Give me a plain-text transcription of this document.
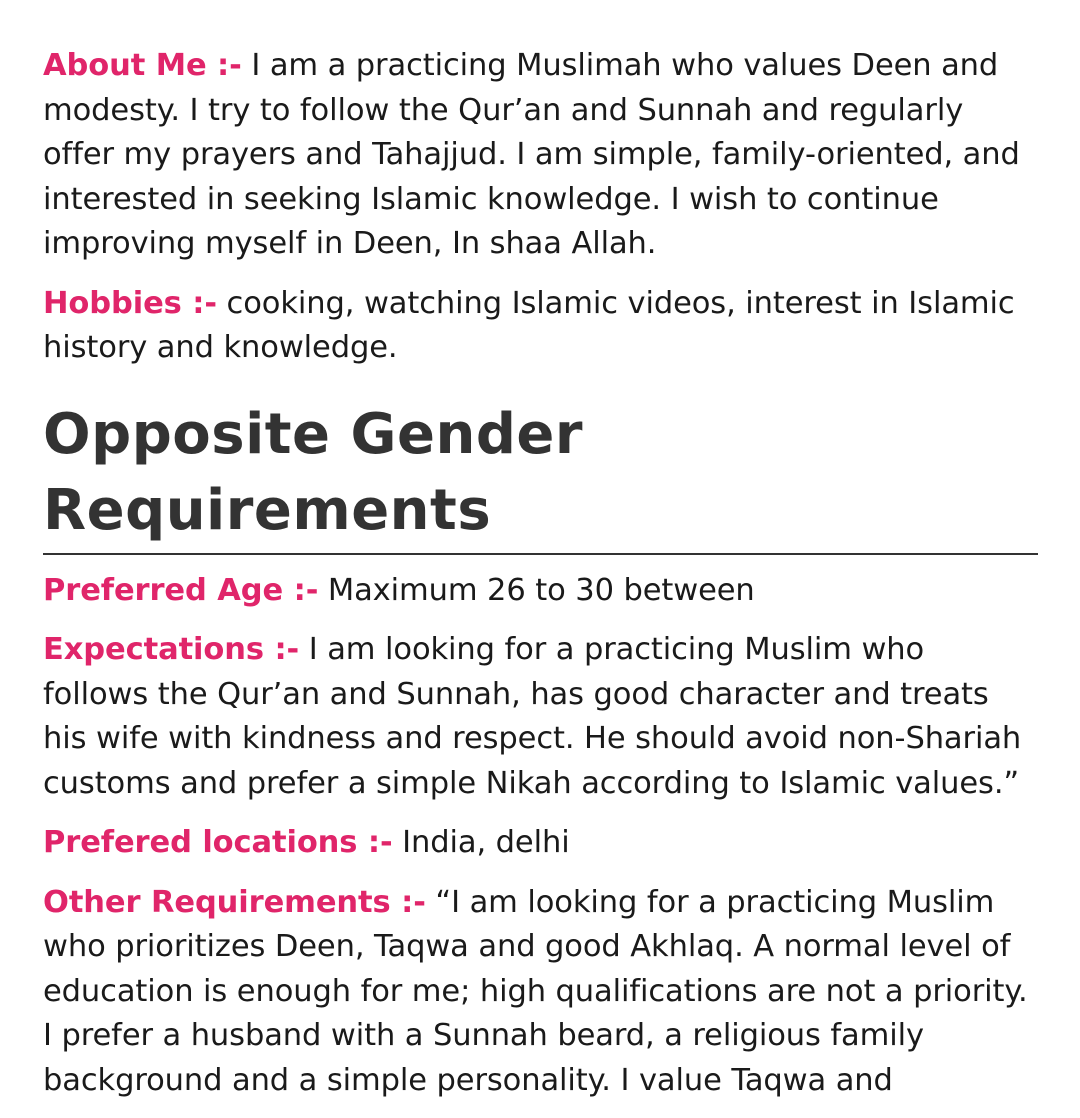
About Me :- I am a practicing Muslimah who values Deen and modesty. I try to follow the Qur’an and Sunnah and regularly offer my prayers and Tahajjud. I am simple, family-oriented, and interested in seeking Islamic knowledge. I wish to continue improving myself in Deen, In shaa Allah.

Hobbies :- cooking, watching Islamic videos, interest in Islamic history and knowledge.

Opposite Gender Requirements

Preferred Age :- Maximum 26 to 30 between

Expectations :- I am looking for a practicing Muslim who follows the Qur’an and Sunnah, has good character and treats his wife with kindness and respect. He should avoid non-Shariah customs and prefer a simple Nikah according to Islamic values.”

Prefered locations :- India, delhi

Other Requirements :- “I am looking for a practicing Muslim who prioritizes Deen, Taqwa and good Akhlaq. A normal level of education is enough for me; high qualifications are not a priority. I prefer a husband with a Sunnah beard, a religious family background and a simple personality. I value Taqwa and
